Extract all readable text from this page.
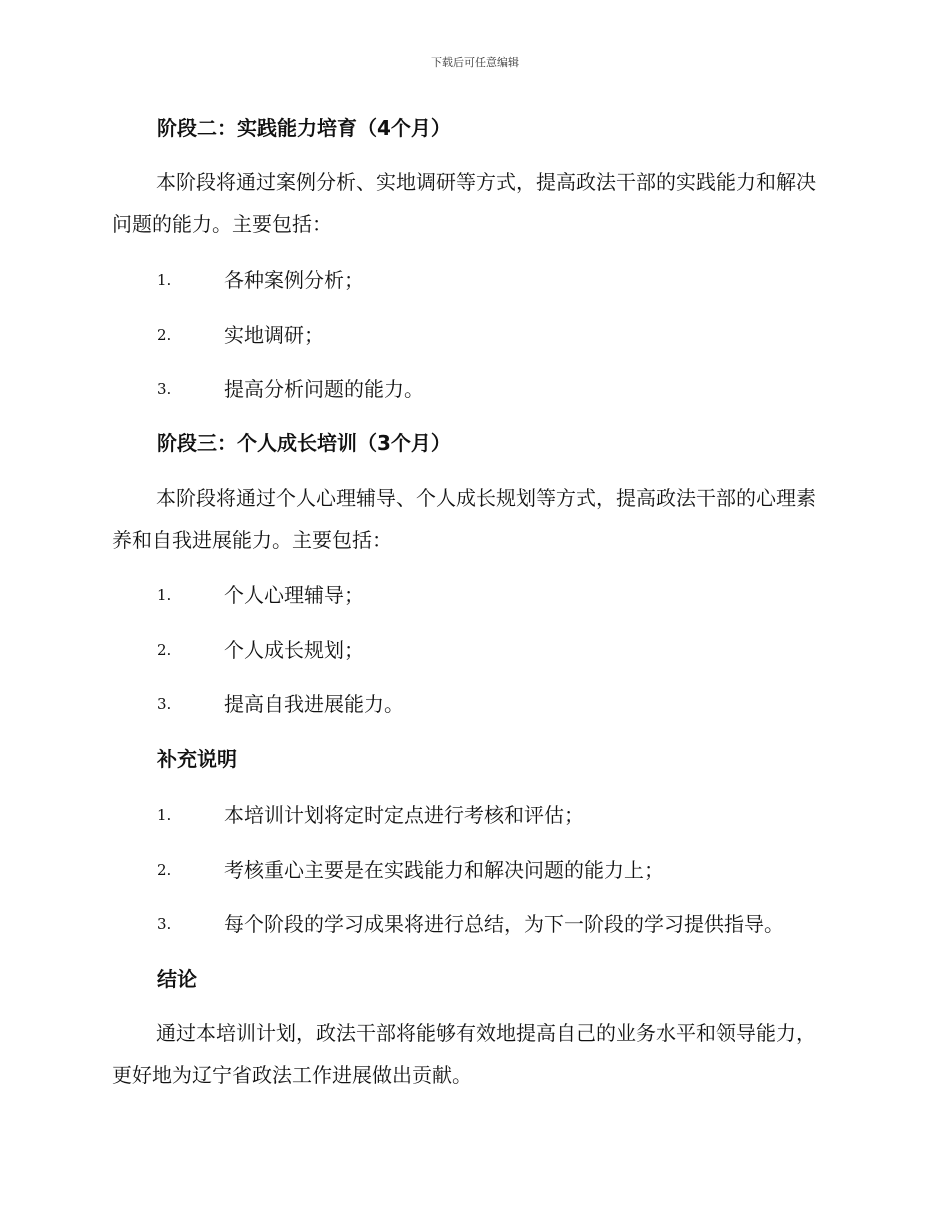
下载后可任意编辑
阶段二：实践能力培育（4个月）
本阶段将通过案例分析、实地调研等方式，提高政法干部的实践能力和解决问题的能力。主要包括：
1.	各种案例分析；
2.	实地调研；
3.	提高分析问题的能力。
阶段三：个人成长培训（3个月）
本阶段将通过个人心理辅导、个人成长规划等方式，提高政法干部的心理素养和自我进展能力。主要包括：
1.	个人心理辅导；
2.	个人成长规划；
3.	提高自我进展能力。
补充说明
1.	本培训计划将定时定点进行考核和评估；
2.	考核重心主要是在实践能力和解决问题的能力上；
3.	每个阶段的学习成果将进行总结，为下一阶段的学习提供指导。
结论
通过本培训计划，政法干部将能够有效地提高自己的业务水平和领导能力，更好地为辽宁省政法工作进展做出贡献。
